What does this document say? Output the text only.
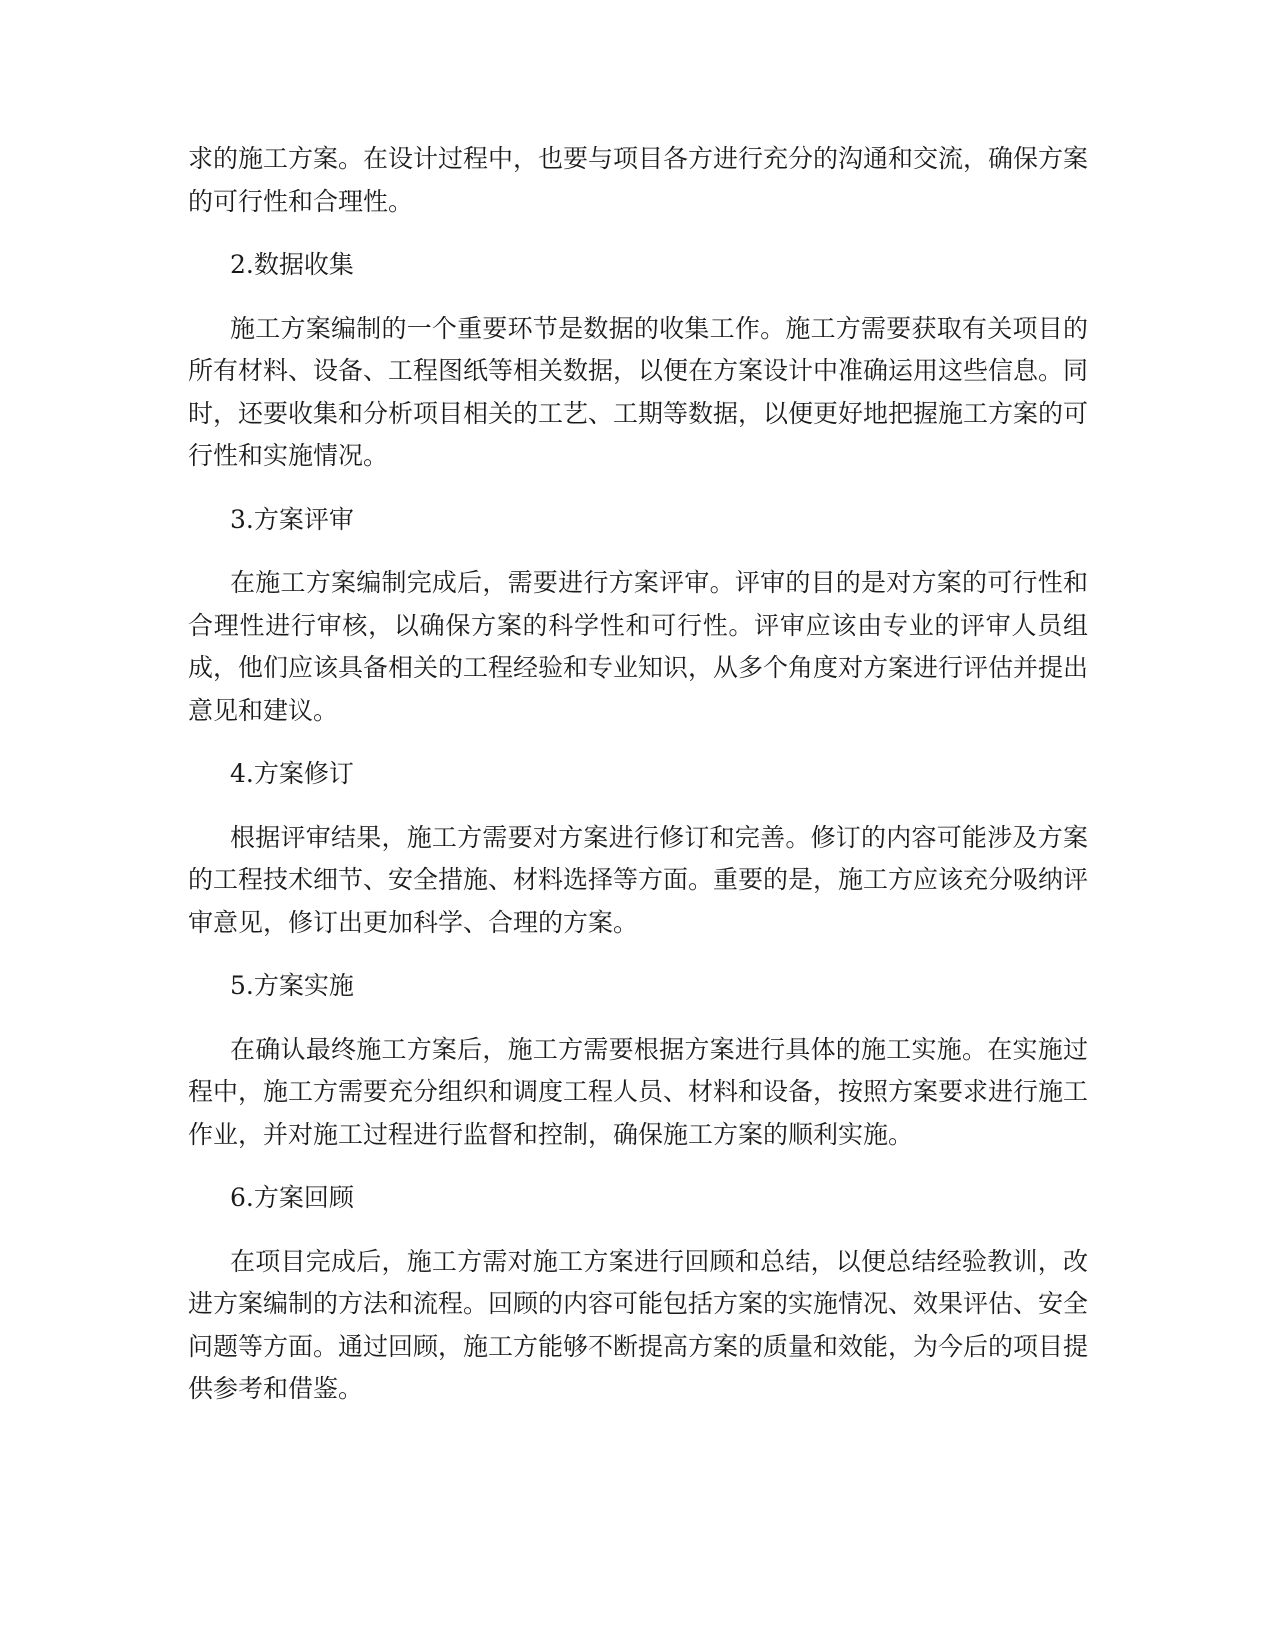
求的施工方案。在设计过程中，也要与项目各方进行充分的沟通和交流，确保方案的可行性和合理性。

2.数据收集

施工方案编制的一个重要环节是数据的收集工作。施工方需要获取有关项目的所有材料、设备、工程图纸等相关数据，以便在方案设计中准确运用这些信息。同时，还要收集和分析项目相关的工艺、工期等数据，以便更好地把握施工方案的可行性和实施情况。

3.方案评审

在施工方案编制完成后，需要进行方案评审。评审的目的是对方案的可行性和合理性进行审核，以确保方案的科学性和可行性。评审应该由专业的评审人员组成，他们应该具备相关的工程经验和专业知识，从多个角度对方案进行评估并提出意见和建议。

4.方案修订

根据评审结果，施工方需要对方案进行修订和完善。修订的内容可能涉及方案的工程技术细节、安全措施、材料选择等方面。重要的是，施工方应该充分吸纳评审意见，修订出更加科学、合理的方案。

5.方案实施

在确认最终施工方案后，施工方需要根据方案进行具体的施工实施。在实施过程中，施工方需要充分组织和调度工程人员、材料和设备，按照方案要求进行施工作业，并对施工过程进行监督和控制，确保施工方案的顺利实施。

6.方案回顾

在项目完成后，施工方需对施工方案进行回顾和总结，以便总结经验教训，改进方案编制的方法和流程。回顾的内容可能包括方案的实施情况、效果评估、安全问题等方面。通过回顾，施工方能够不断提高方案的质量和效能，为今后的项目提供参考和借鉴。
